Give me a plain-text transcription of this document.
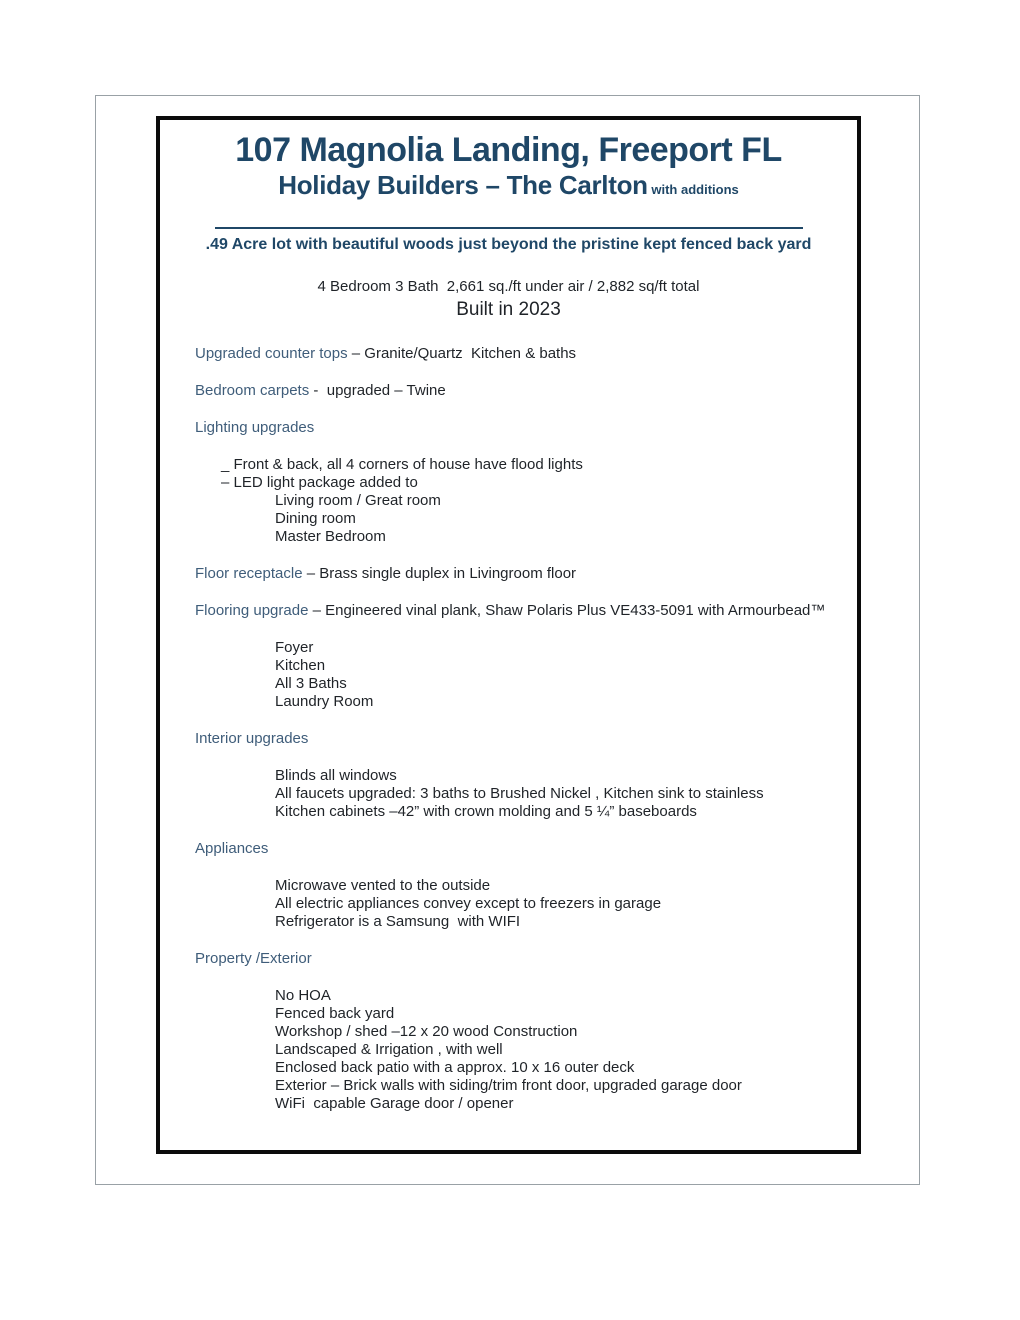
107 Magnolia Landing, Freeport FL
Holiday Builders – The Carlton with additions
.49 Acre lot with beautiful woods just beyond the pristine kept fenced back yard
4 Bedroom 3 Bath  2,661 sq./ft under air / 2,882 sq/ft total
Built in 2023
Upgraded counter tops – Granite/Quartz  Kitchen & baths
Bedroom carpets -  upgraded – Twine
Lighting upgrades
_ Front & back, all 4 corners of house have flood lights
– LED light package added to
Living room / Great room
Dining room
Master Bedroom
Floor receptacle – Brass single duplex in Livingroom floor
Flooring upgrade – Engineered vinal plank, Shaw Polaris Plus VE433-5091 with Armourbead™
Foyer
Kitchen
All 3 Baths
Laundry Room
Interior upgrades
Blinds all windows
All faucets upgraded: 3 baths to Brushed Nickel , Kitchen sink to stainless
Kitchen cabinets –42” with crown molding and 5 ¼” baseboards
Appliances
Microwave vented to the outside
All electric appliances convey except to freezers in garage
Refrigerator is a Samsung  with WIFI
Property /Exterior
No HOA
Fenced back yard
Workshop / shed –12 x 20 wood Construction
Landscaped & Irrigation , with well
Enclosed back patio with a approx. 10 x 16 outer deck
Exterior – Brick walls with siding/trim front door, upgraded garage door
WiFi  capable Garage door / opener
